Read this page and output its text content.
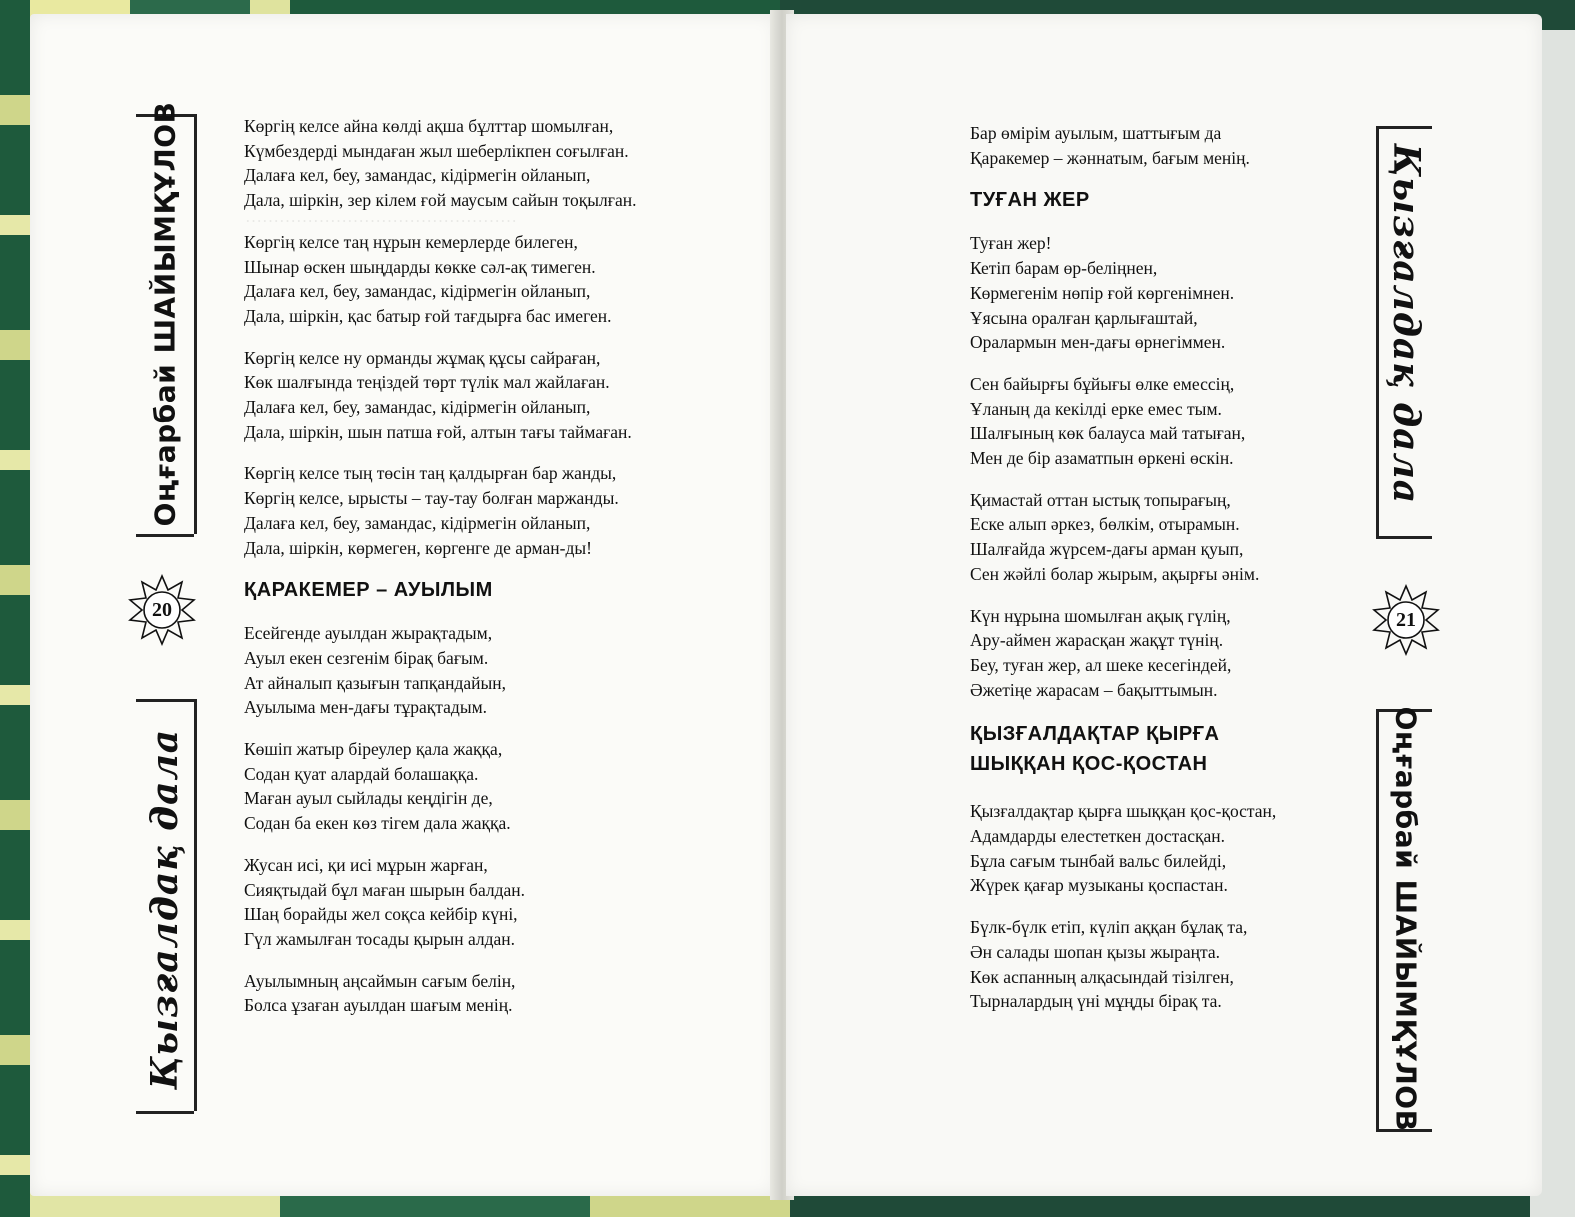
…………………………………………
Оңғарбай ШАЙЫМҚҰЛОВ
20
Қызғалдақ дала
Көргің келсе айна көлді ақша бұлттар шомылған,
Күмбездерді мындаған жыл шеберлікпен соғылған.
Далаға кел, беу, замандас, кідірмегін ойланып,
Дала, шіркін, зер кілем ғой маусым сайын тоқылған.
Көргің келсе таң нұрын кемерлерде билеген,
Шынар өскен шыңдарды көкке сәл-ақ тимеген.
Далаға кел, беу, замандас, кідірмегін ойланып,
Дала, шіркін, қас батыр ғой тағдырға бас имеген.
Көргің келсе ну орманды жұмақ құсы сайраған,
Көк шалғында теңіздей төрт түлік мал жайлаған.
Далаға кел, беу, замандас, кідірмегін ойланып,
Дала, шіркін, шын патша ғой, алтын тағы таймаған.
Көргің келсе тың төсін таң қалдырған бар жанды,
Көргің келсе, ырысты – тау-тау болған маржанды.
Далаға кел, беу, замандас, кідірмегін ойланып,
Дала, шіркін, көрмеген, көргенге де арман-ды!
ҚАРАКЕМЕР – АУЫЛЫМ
Есейгенде ауылдан жырақтадым,
Ауыл екен сезгенім бірақ бағым.
Ат айналып қазығын тапқандайын,
Ауылыма мен-дағы тұрақтадым.
Көшіп жатыр біреулер қала жаққа,
Содан қуат алардай болашаққа.
Маған ауыл сыйлады кеңдігін де,
Содан ба екен көз тігем дала жаққа.
Жусан исі, қи исі мұрын жарған,
Сияқтыдай бұл маған шырын балдан.
Шаң борайды жел соқса кейбір күні,
Гүл жамылған тосады қырын алдан.
Ауылымның аңсаймын сағым белін,
Болса ұзаған ауылдан шағым менің.
Қызғалдақ дала
21
Оңғарбай ШАЙЫМҚҰЛОВ
Бар өмірім ауылым, шаттығым да
Қаракемер – жәннатым, бағым менің.
ТУҒАН ЖЕР
Туған жер!
Кетіп барам өр-беліңнен,
Көрмегенім нөпір ғой көргенімнен.
Ұясына оралған қарлығаштай,
Оралармын мен-дағы өрнегіммен.
Сен байырғы бұйығы өлке емессің,
Ұланың да кекілді ерке емес тым.
Шалғының көк балауса май татыған,
Мен де бір азаматпын өркені өскін.
Қимастай оттан ыстық топырағың,
Еске алып әркез, бөлкім, отырамын.
Шалғайда жүрсем-дағы арман қуып,
Сен жәйлі болар жырым, ақырғы әнім.
Күн нұрына шомылған ақық гүлің,
Ару-аймен жарасқан жақұт түнің.
Беу, туған жер, ал шеке кесегіндей,
Әжетіңе жарасам – бақыттымын.
ҚЫЗҒАЛДАҚТАР ҚЫРҒА
ШЫҚҚАН ҚОС-ҚОСТАН
Қызғалдақтар қырға шыққан қос-қостан,
Адамдарды елестеткен достасқан.
Бұла сағым тынбай вальс билейді,
Жүрек қағар музыканы қоспастан.
Бүлк-бүлк етіп, күліп аққан бұлақ та,
Ән салады шопан қызы жыраңта.
Көк аспанның алқасындай тізілген,
Тырналардың үні мұңды бірақ та.
